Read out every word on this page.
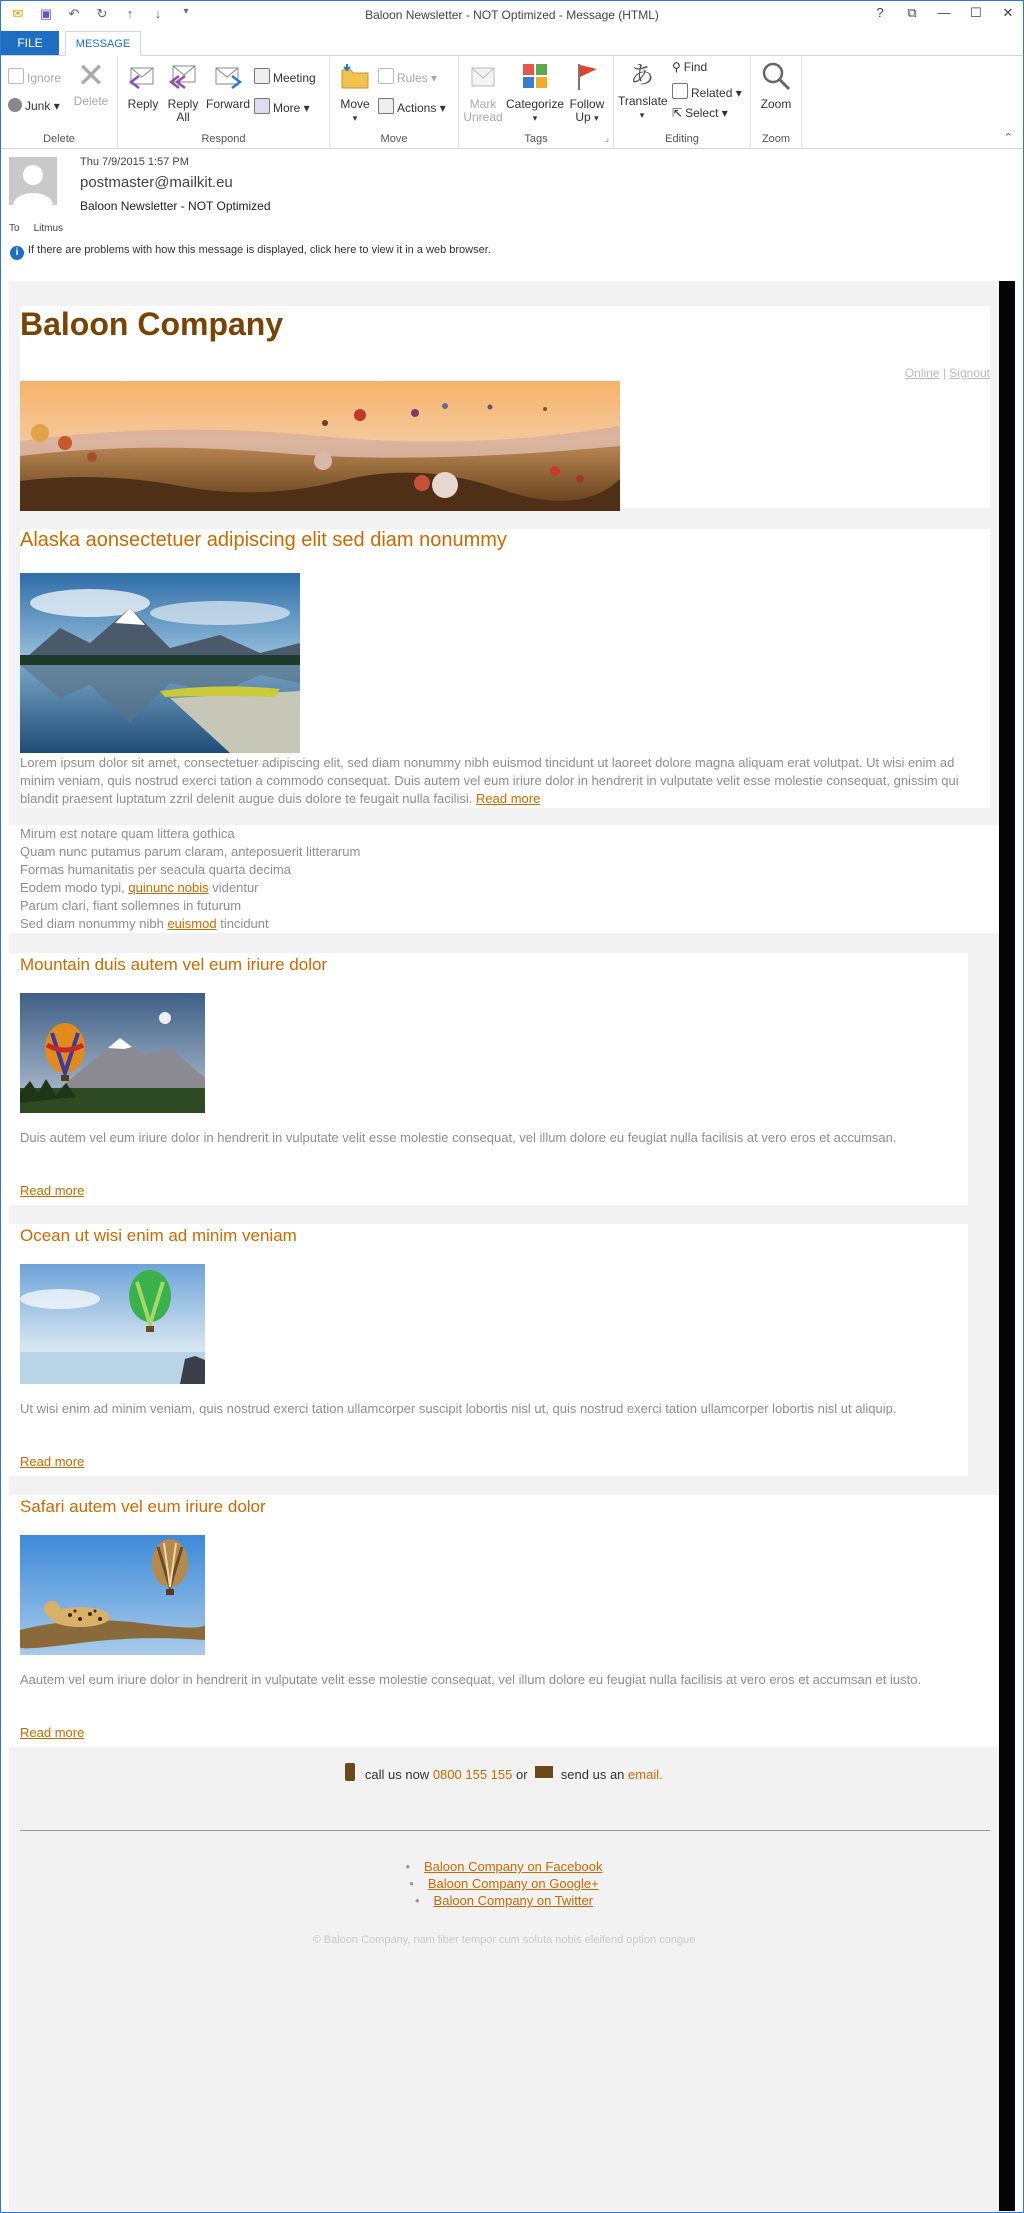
✉ ▣ ↶ ↻	↑	↓	▾	Baloon Newsletter - NOT Optimized - Message (HTML)	?	⧉	— ☐ ✕
FILE	MESSAGE
Ignore
Junk ▾
✕
Delete
Delete
Reply Reply
All
Forward
Meeting
More ▾
Respond
Move
▾
Rules ▾
Actions ▾
Move
Mark
Unread
Categorize
▾
Follow
Up ▾
Tags	⌟
あ
Translate
▾
⚲ Find
Related ▾
⇱ Select ▾
Editing
Zoom
Zoom	⌃
Thu 7/9/2015 1:57 PM
postmaster@mailkit.eu
Baloon Newsletter - NOT Optimized
To Litmus
i If there are problems with how this message is displayed, click here to view it in a web browser.
Baloon Company
Online | Signout
Alaska aonsectetuer adipiscing elit sed diam nonummy
Lorem ipsum dolor sit amet, consectetuer adipiscing elit, sed diam nonummy nibh euismod tincidunt ut laoreet dolore magna aliquam erat volutpat. Ut wisi enim ad minim veniam, quis nostrud exerci tation a commodo consequat. Duis autem vel eum iriure dolor in hendrerit in vulputate velit esse molestie consequat, gnissim qui blandit praesent luptatum zzril delenit augue duis dolore te feugait nulla facilisi. Read more
Mirum est notare quam littera gothica
Quam nunc putamus parum claram, anteposuerit litterarum
Formas humanitatis per seacula quarta decima
Eodem modo typi, quinunc nobis videntur
Parum clari, fiant sollemnes in futurum
Sed diam nonummy nibh euismod tincidunt
Mountain duis autem vel eum iriure dolor
Duis autem vel eum iriure dolor in hendrerit in vulputate velit esse molestie consequat, vel illum dolore eu feugiat nulla facilisis at vero eros et accumsan.
Read more
Ocean ut wisi enim ad minim veniam
Ut wisi enim ad minim veniam, quis nostrud exerci tation ullamcorper suscipit lobortis nisl ut, quis nostrud exerci tation ullamcorper lobortis nisl ut aliquip.
Read more
Safari autem vel eum iriure dolor
Aautem vel eum iriure dolor in hendrerit in vulputate velit esse molestie consequat, vel illum dolore eu feugiat nulla facilisis at vero eros et accumsan et iusto.
Read more
call us now 0800 155 155 or	send us an email.
• Baloon Company on Facebook
• Baloon Company on Google+
• Baloon Company on Twitter
© Baloon Company, nam liber tempor cum soluta nobis eleifend option congue
